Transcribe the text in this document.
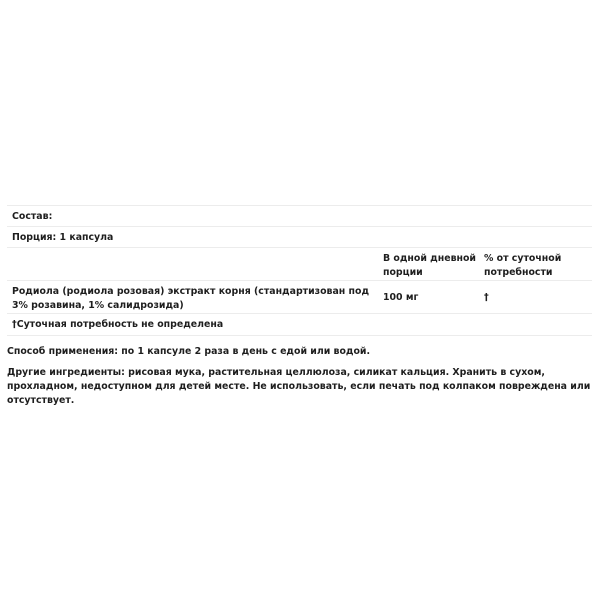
Состав:
Порция: 1 капсула
В одной дневной порции
% от суточной потребности
Родиола (родиола розовая) экстракт корня (стандартизован под 3% розавина, 1% салидрозида)
100 мг	†
†Суточная потребность не определена
Способ применения: по 1 капсуле 2 раза в день с едой или водой.
Другие ингредиенты: рисовая мука, растительная целлюлоза, силикат кальция. Хранить в сухом, прохладном, недоступном для детей месте. Не использовать, если печать под колпаком повреждена или отсутствует.
